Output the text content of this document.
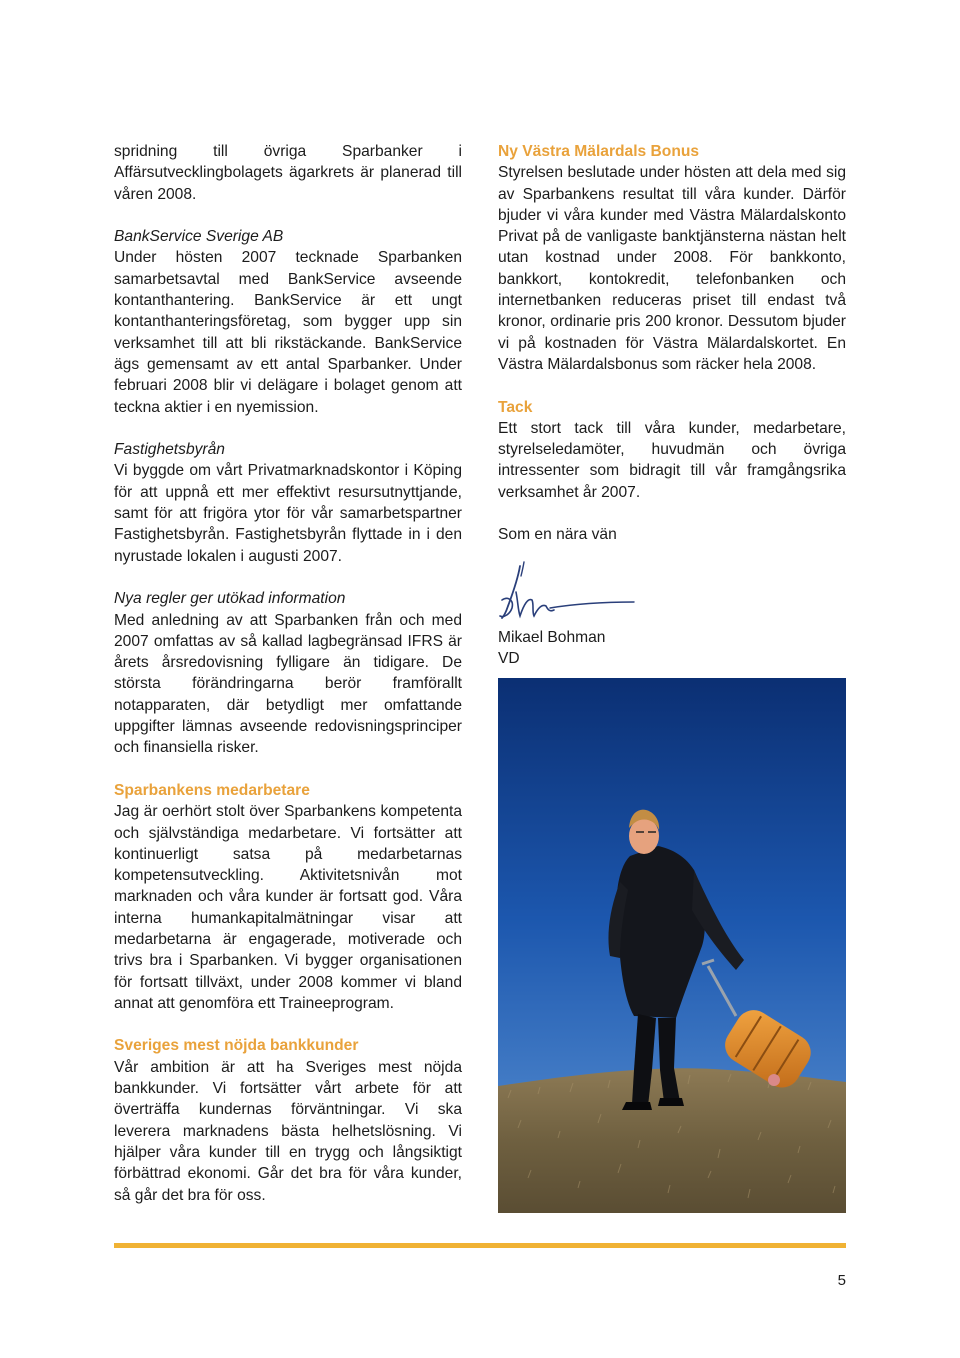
spridning till övriga Sparbanker i Affärsutvecklingbolagets ägarkrets är planerad till våren 2008.

BankService Sverige AB
Under hösten 2007 tecknade Sparbanken samarbetsavtal med BankService avseende kontanthantering. BankService är ett ungt kontanthanteringsföretag, som bygger upp sin verksamhet till att bli rikstäckande. BankService ägs gemensamt av ett antal Sparbanker. Under februari 2008 blir vi delägare i bolaget genom att teckna aktier i en nyemission.

Fastighetsbyrån
Vi byggde om vårt Privatmarknadskontor i Köping för att uppnå ett mer effektivt resursutnyttjande, samt för att frigöra ytor för vår samarbetspartner Fastighetsbyrån. Fastighetsbyrån flyttade in i den nyrustade lokalen i augusti 2007.

Nya regler ger utökad information
Med anledning av att Sparbanken från och med 2007 omfattas av så kallad lagbegränsad IFRS är årets årsredovisning fylligare än tidigare. De största förändringarna berör framförallt notapparaten, där betydligt mer omfattande uppgifter lämnas avseende redovisningsprinciper och finansiella risker.

Sparbankens medarbetare
Jag är oerhört stolt över Sparbankens kompetenta och självständiga medarbetare. Vi fortsätter att kontinuerligt satsa på medarbetarnas kompetensutveckling. Aktivitetsnivån mot marknaden och våra kunder är fortsatt god. Våra interna humankapitalmätningar visar att medarbetarna är engagerade, motiverade och trivs bra i Sparbanken. Vi bygger organisationen för fortsatt tillväxt, under 2008 kommer vi bland annat att genomföra ett Traineeprogram.

Sveriges mest nöjda bankkunder
Vår ambition är att ha Sveriges mest nöjda bankkunder. Vi fortsätter vårt arbete för att överträffa kundernas förväntningar. Vi ska leverera marknadens bästa helhetslösning. Vi hjälper våra kunder till en trygg och långsiktigt förbättrad ekonomi. Går det bra för våra kunder, så går det bra för oss.

Ny Västra Mälardals Bonus
Styrelsen beslutade under hösten att dela med sig av Sparbankens resultat till våra kunder. Därför bjuder vi våra kunder med Västra Mälardalskonto Privat på de vanligaste banktjänsterna nästan helt utan kostnad under 2008. För bankkonto, bankkort, kontokredit, telefonbanken och internetbanken reduceras priset till endast två kronor, ordinarie pris 200 kronor. Dessutom bjuder vi på kostnaden för Västra Mälardalskortet. En Västra Mälardalsbonus som räcker hela 2008.

Tack
Ett stort tack till våra kunder, medarbetare, styrelseledamöter, huvudmän och övriga intressenter som bidragit till vår framgångsrika verksamhet år 2007.

Som en nära vän

Mikael Bohman
VD
5
